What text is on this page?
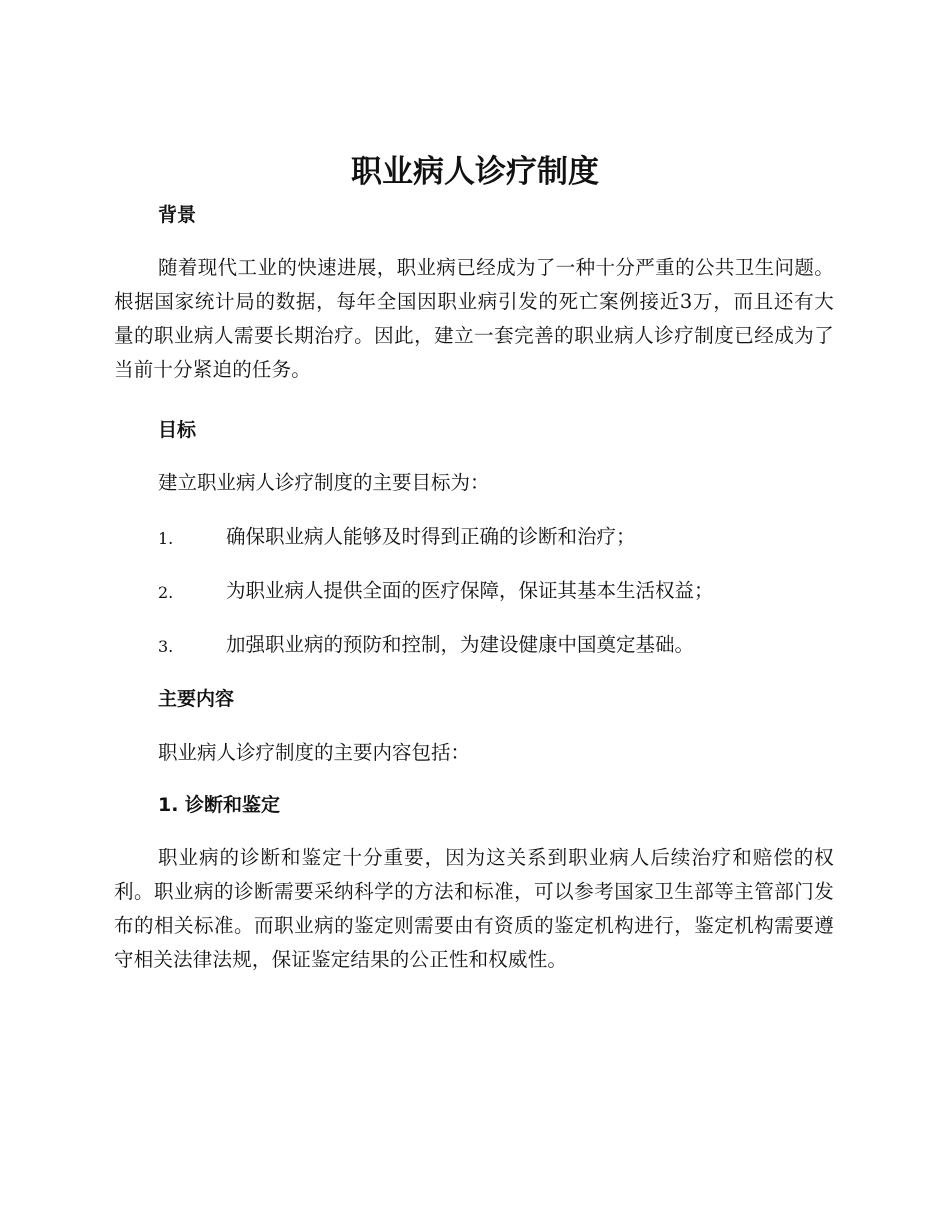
职业病人诊疗制度
背景

随着现代工业的快速进展，职业病已经成为了一种十分严重的公共卫生问题。根据国家统计局的数据，每年全国因职业病引发的死亡案例接近3万，而且还有大量的职业病人需要长期治疗。因此，建立一套完善的职业病人诊疗制度已经成为了当前十分紧迫的任务。

目标

建立职业病人诊疗制度的主要目标为：

1.	确保职业病人能够及时得到正确的诊断和治疗；
2.	为职业病人提供全面的医疗保障，保证其基本生活权益；
3.	加强职业病的预防和控制，为建设健康中国奠定基础。
主要内容

职业病人诊疗制度的主要内容包括：

1. 诊断和鉴定

职业病的诊断和鉴定十分重要，因为这关系到职业病人后续治疗和赔偿的权利。职业病的诊断需要采纳科学的方法和标准，可以参考国家卫生部等主管部门发布的相关标准。而职业病的鉴定则需要由有资质的鉴定机构进行，鉴定机构需要遵守相关法律法规，保证鉴定结果的公正性和权威性。
